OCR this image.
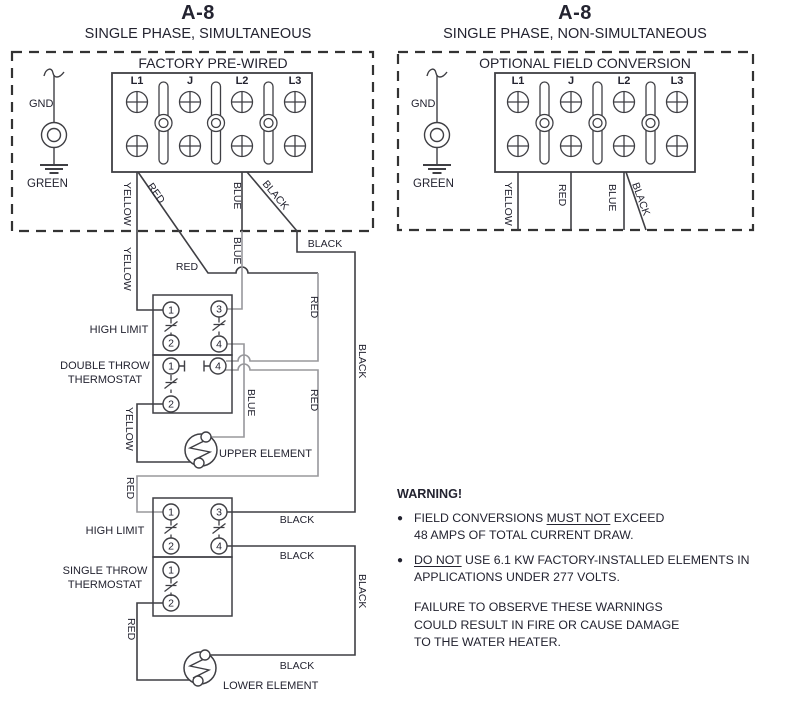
A-8
SINGLE PHASE, SIMULTANEOUS
A-8
SINGLE PHASE, NON-SIMULTANEOUS
FACTORY PRE-WIRED	OPTIONAL FIELD CONVERSION
L1	J	L2	L3	L1	J	L2	L3
GND
GREEN
GND
GREEN
1	3
2	4
1	4
2
1	3
2	4
1
2
HIGH LIMIT
DOUBLE THROW
THERMOSTAT
HIGH LIMIT
SINGLE THROW
THERMOSTAT
UPPER ELEMENT
LOWER ELEMENT
YELLOW
YELLOW
BLUE
BLUE
RED
BLACK
BLUE	RED
YELLOW
RED
BLACK
RED
RED	BLACK
RED
BLACK
BLACK
BLACK
BLACK
YELLOW	RED	BLUE BLACK
WARNING!
● FIELD CONVERSIONS MUST NOT EXCEED
48 AMPS OF TOTAL CURRENT DRAW.
● DO NOT USE 6.1 KW FACTORY-INSTALLED ELEMENTS IN
APPLICATIONS UNDER 277 VOLTS.
FAILURE TO OBSERVE THESE WARNINGS
COULD RESULT IN FIRE OR CAUSE DAMAGE
TO THE WATER HEATER.
